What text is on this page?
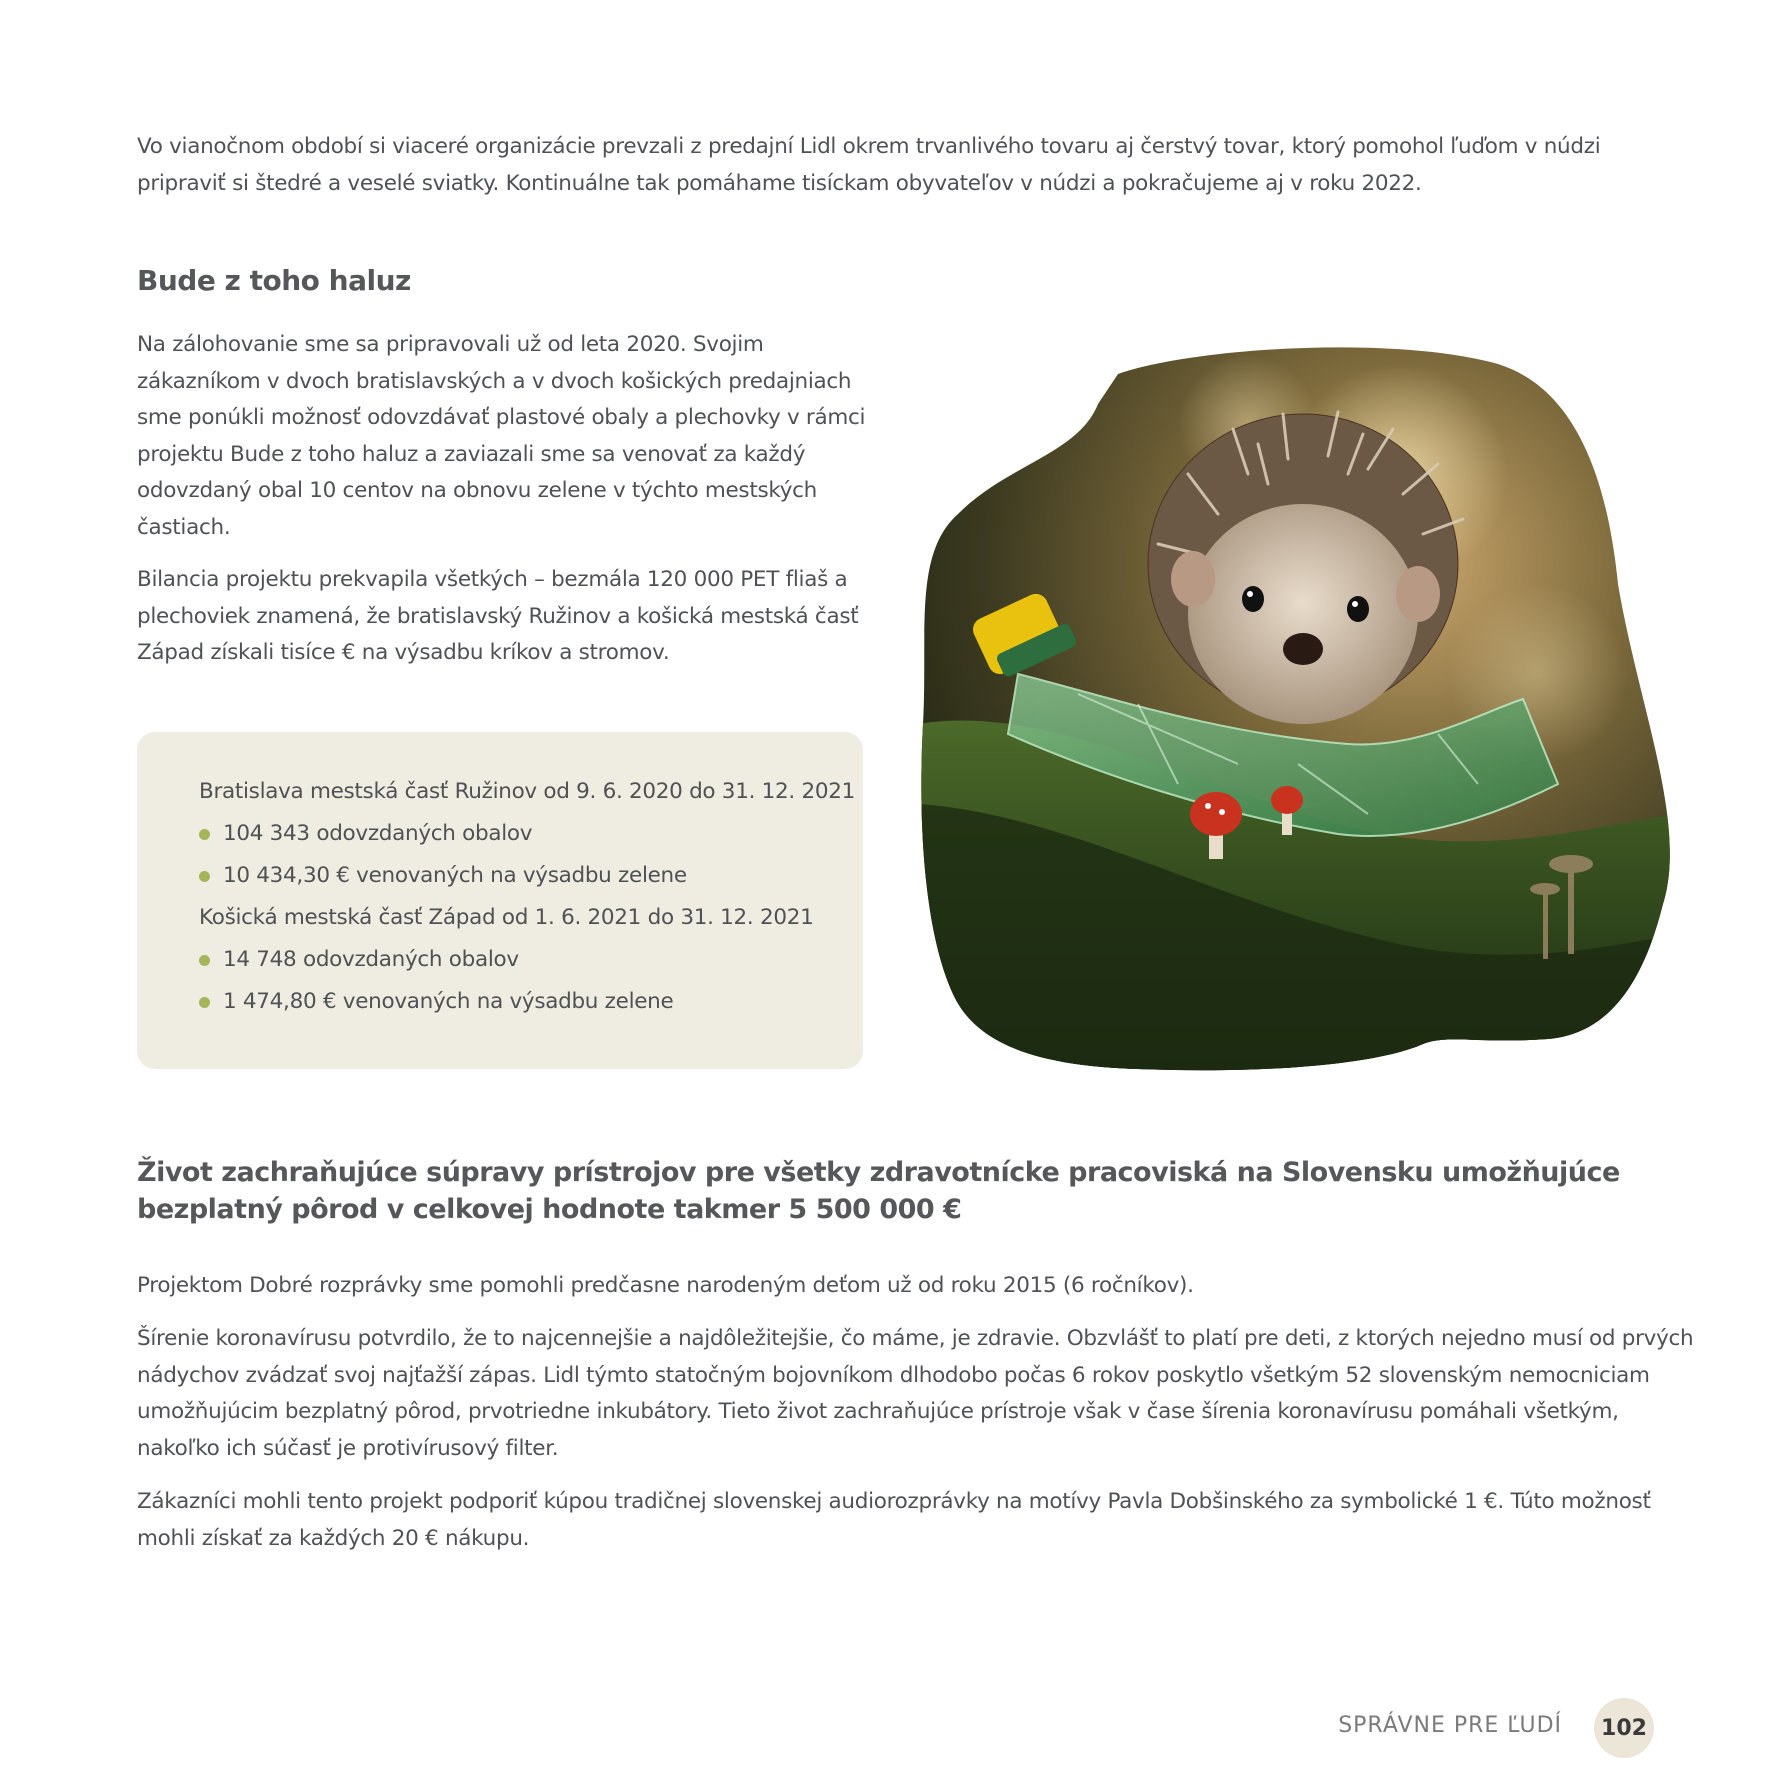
Vo vianočnom období si viaceré organizácie prevzali z predajní Lidl okrem trvanlivého tovaru aj čerstvý tovar, ktorý pomohol ľuďom v núdzi pripraviť si štedré a veselé sviatky. Kontinuálne tak pomáhame tisíckam obyvateľov v núdzi a pokračujeme aj v roku 2022.

Bude z toho haluz

Na zálohovanie sme sa pripravovali už od leta 2020. Svojim zákazníkom v dvoch bratislavských a v dvoch košických predajniach sme ponúkli možnosť odovzdávať plastové obaly a plechovky v rámci projektu Bude z toho haluz a zaviazali sme sa venovať za každý odovzdaný obal 10 centov na obnovu zelene v týchto mestských častiach.

Bilancia projektu prekvapila všetkých – bezmála 120 000 PET fliaš a plechoviek znamená, že bratislavský Ružinov a košická mestská časť Západ získali tisíce € na výsadbu kríkov a stromov.

Bratislava mestská časť Ružinov od 9. 6. 2020 do 31. 12. 2021
104 343 odovzdaných obalov
10 434,30 € venovaných na výsadbu zelene
Košická mestská časť Západ od 1. 6. 2021 do 31. 12. 2021
14 748 odovzdaných obalov
1 474,80 € venovaných na výsadbu zelene
Život zachraňujúce súpravy prístrojov pre všetky zdravotnícke pracoviská na Slovensku umožňujúce bezplatný pôrod v celkovej hodnote takmer 5 500 000 €

Projektom Dobré rozprávky sme pomohli predčasne narodeným deťom už od roku 2015 (6 ročníkov).

Šírenie koronavírusu potvrdilo, že to najcennejšie a najdôležitejšie, čo máme, je zdravie. Obzvlášť to platí pre deti, z ktorých nejedno musí od prvých nádychov zvádzať svoj najťažší zápas. Lidl týmto statočným bojovníkom dlhodobo počas 6 rokov poskytlo všetkým 52 slovenským nemocniciam umožňujúcim bezplatný pôrod, prvotriedne inkubátory. Tieto život zachraňujúce prístroje však v čase šírenia koronavírusu pomáhali všetkým, nakoľko ich súčasť je protivírusový filter.

Zákazníci mohli tento projekt podporiť kúpou tradičnej slovenskej audiorozprávky na motívy Pavla Dobšinského za symbolické 1 €. Túto možnosť mohli získať za každých 20 € nákupu.

SPRÁVNE PRE ĽUDÍ	102
